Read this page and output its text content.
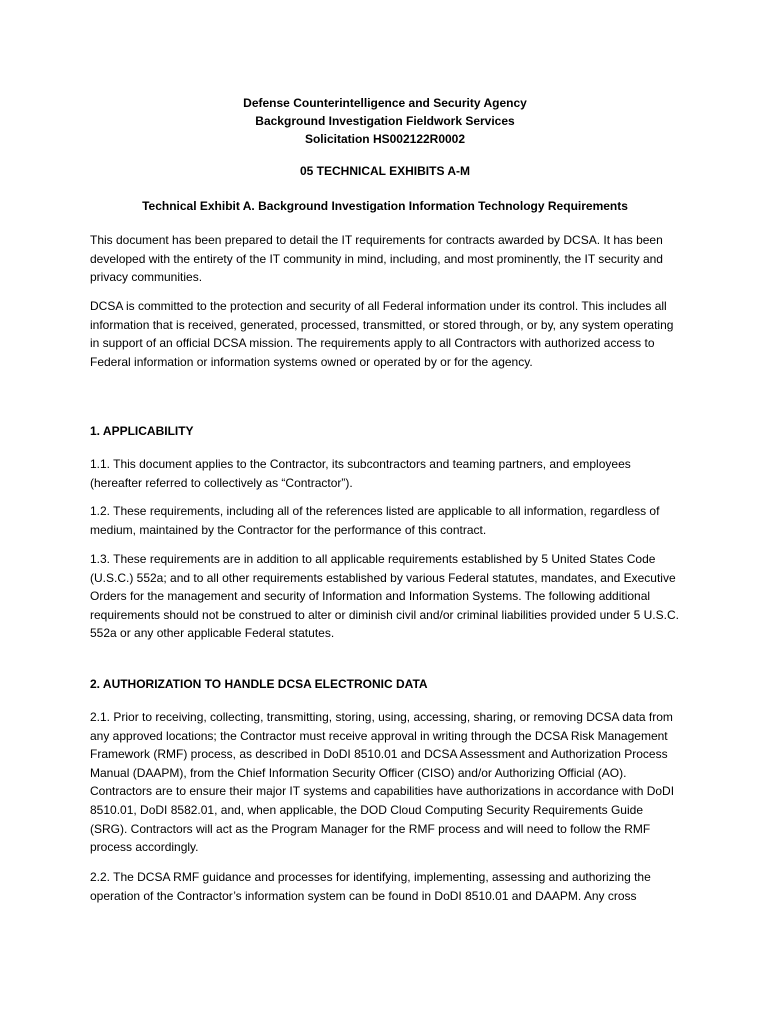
Defense Counterintelligence and Security Agency
Background Investigation Fieldwork Services
Solicitation HS002122R0002
05 TECHNICAL EXHIBITS A-M
Technical Exhibit A. Background Investigation Information Technology Requirements

This document has been prepared to detail the IT requirements for contracts awarded by DCSA. It has been developed with the entirety of the IT community in mind, including, and most prominently, the IT security and privacy communities.

DCSA is committed to the protection and security of all Federal information under its control. This includes all information that is received, generated, processed, transmitted, or stored through, or by, any system operating in support of an official DCSA mission. The requirements apply to all Contractors with authorized access to Federal information or information systems owned or operated by or for the agency.

1. APPLICABILITY

1.1. This document applies to the Contractor, its subcontractors and teaming partners, and employees (hereafter referred to collectively as “Contractor”).

1.2. These requirements, including all of the references listed are applicable to all information, regardless of medium, maintained by the Contractor for the performance of this contract.

1.3. These requirements are in addition to all applicable requirements established by 5 United States Code (U.S.C.) 552a; and to all other requirements established by various Federal statutes, mandates, and Executive Orders for the management and security of Information and Information Systems. The following additional requirements should not be construed to alter or diminish civil and/or criminal liabilities provided under 5 U.S.C. 552a or any other applicable Federal statutes.

2. AUTHORIZATION TO HANDLE DCSA ELECTRONIC DATA

2.1. Prior to receiving, collecting, transmitting, storing, using, accessing, sharing, or removing DCSA data from any approved locations; the Contractor must receive approval in writing through the DCSA Risk Management Framework (RMF) process, as described in DoDI 8510.01 and DCSA Assessment and Authorization Process Manual (DAAPM), from the Chief Information Security Officer (CISO) and/or Authorizing Official (AO). Contractors are to ensure their major IT systems and capabilities have authorizations in accordance with DoDI 8510.01, DoDI 8582.01, and, when applicable, the DOD Cloud Computing Security Requirements Guide (SRG). Contractors will act as the Program Manager for the RMF process and will need to follow the RMF process accordingly.

2.2. The DCSA RMF guidance and processes for identifying, implementing, assessing and authorizing the operation of the Contractor’s information system can be found in DoDI 8510.01 and DAAPM. Any cross
